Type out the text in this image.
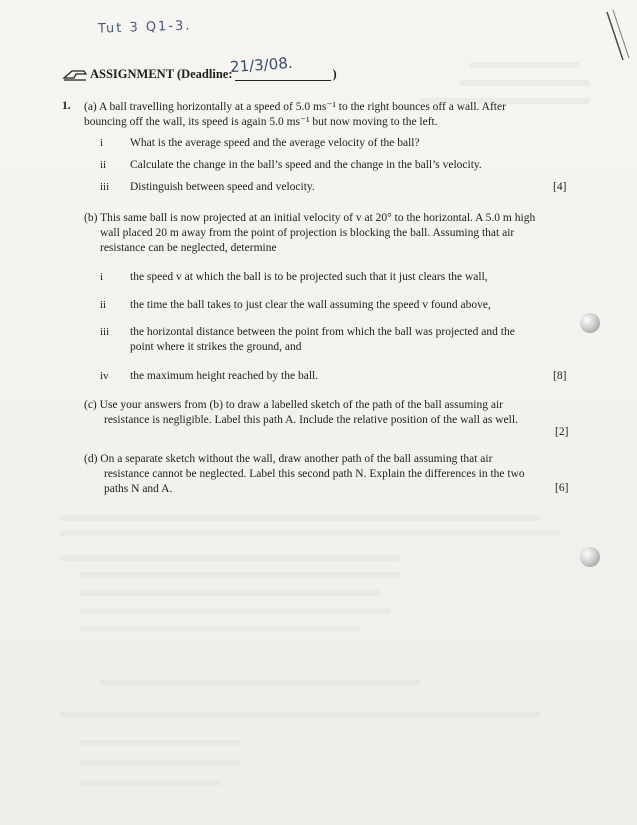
Tut 3 Q1-3.
ASSIGNMENT (Deadline:	)
21/3/08.
1. (a) A ball travelling horizontally at a speed of 5.0 ms⁻¹ to the right bounces off a wall. After
bouncing off the wall, its speed is again 5.0 ms⁻¹ but now moving to the left.
i What is the average speed and the average velocity of the ball?
ii Calculate the change in the ball’s speed and the change in the ball’s velocity.
iii Distinguish between speed and velocity.	[4]
(b) This same ball is now projected at an initial velocity of v at 20° to the horizontal. A 5.0 m high
wall placed 20 m away from the point of projection is blocking the ball. Assuming that air
resistance can be neglected, determine
i the speed v at which the ball is to be projected such that it just clears the wall,
ii the time the ball takes to just clear the wall assuming the speed v found above,
iii the horizontal distance between the point from which the ball was projected and the
point where it strikes the ground, and
iv the maximum height reached by the ball.	[8]
(c) Use your answers from (b) to draw a labelled sketch of the path of the ball assuming air
resistance is negligible. Label this path A. Include the relative position of the wall as well.
[2]
(d) On a separate sketch without the wall, draw another path of the ball assuming that air
resistance cannot be neglected. Label this second path N. Explain the differences in the two
paths N and A.	[6]
